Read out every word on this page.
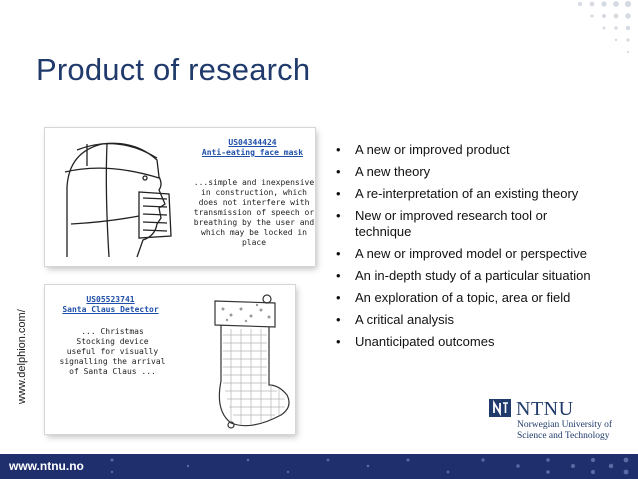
Product of research
www.delphion.com/
US04344424
Anti-eating face mask
...simple and inexpensive
in construction, which
does not interfere with
transmission of speech or
breathing by the user and
which may be locked in
place
US05523741
Santa Claus Detector
... Christmas
Stocking device
useful for visually
signalling the arrival
of Santa Claus ...
• A new or improved product
• A new theory
• A re-interpretation of an existing theory
• New or improved research tool or technique
• A new or improved model or perspective
• An in-depth study of a particular situation
• An exploration of a topic, area or field
• A critical analysis
• Unanticipated outcomes
NTNU
Norwegian University of
Science and Technology
www.ntnu.no
